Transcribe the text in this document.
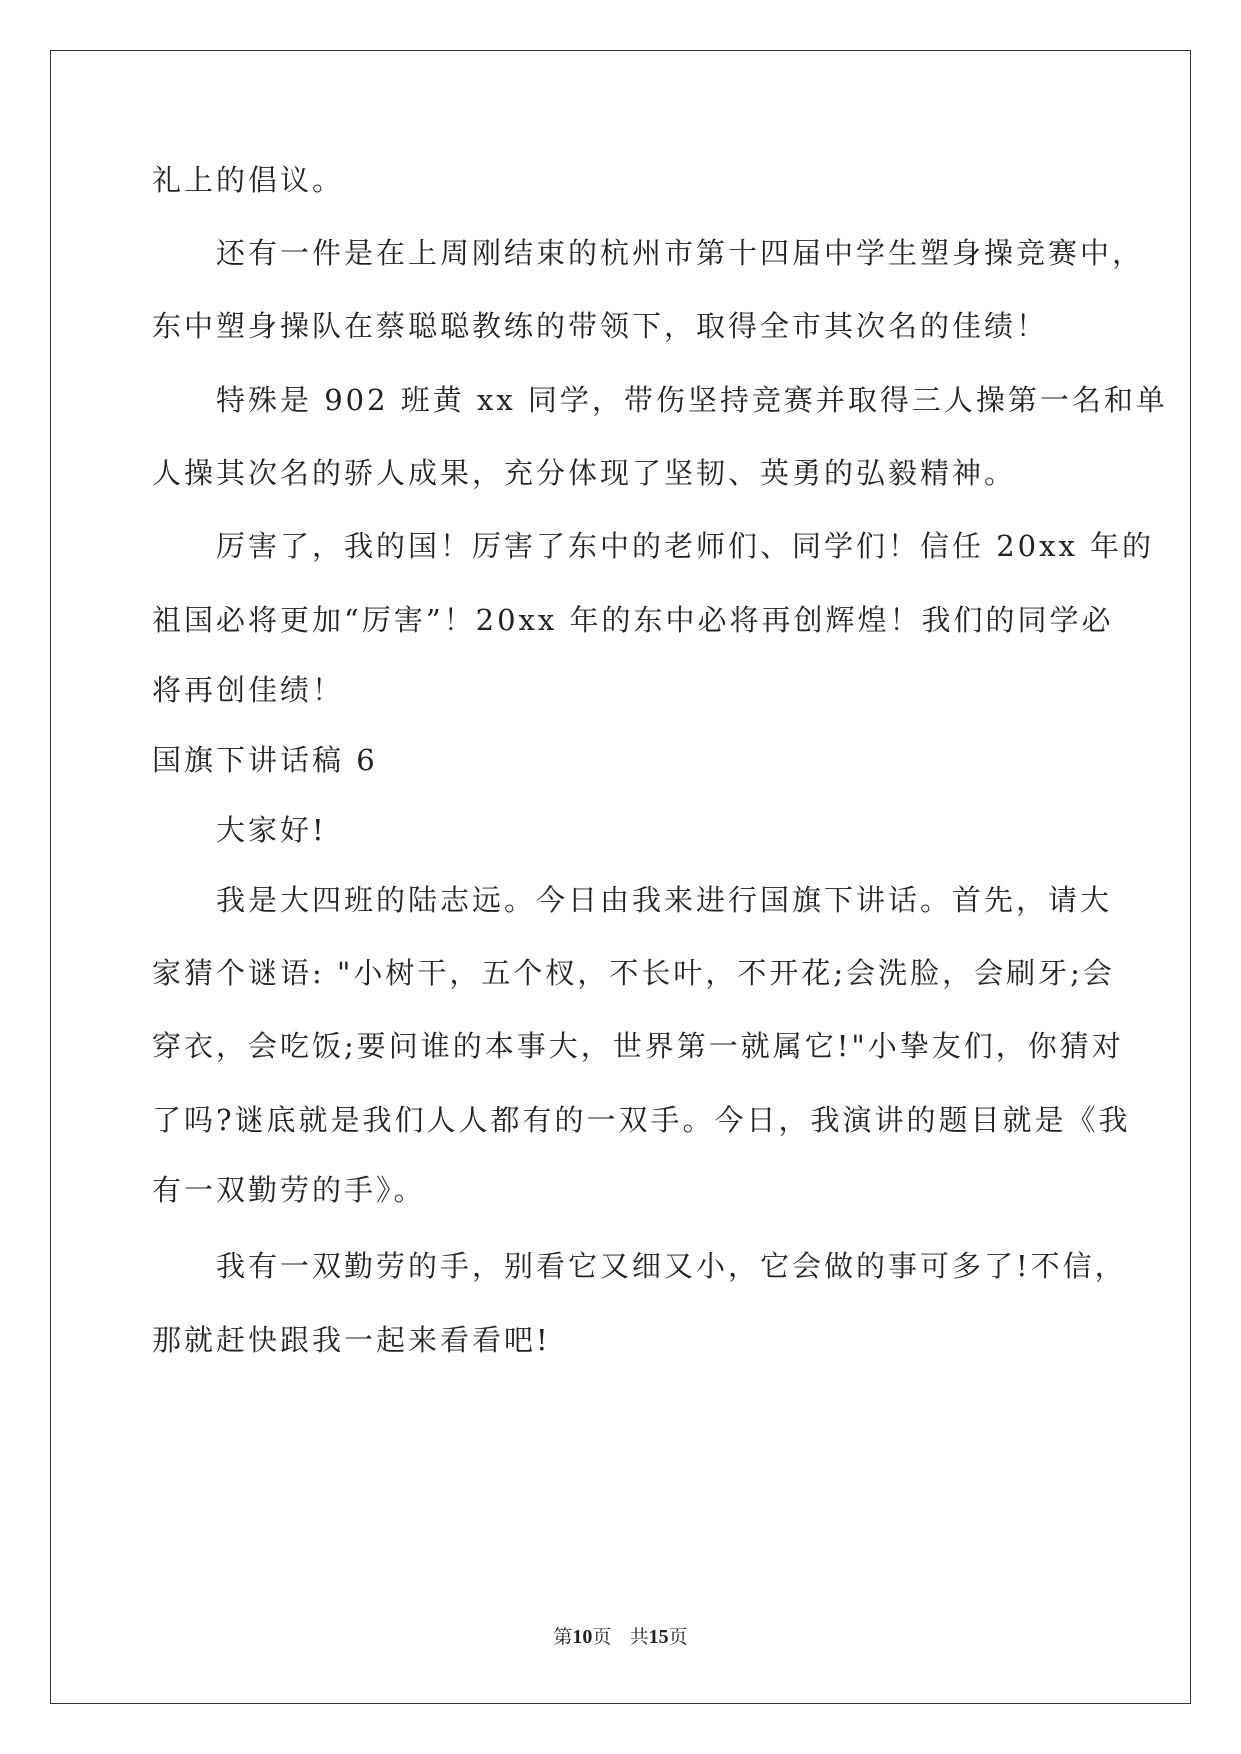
礼上的倡议。
　　还有一件是在上周刚结束的杭州市第十四届中学生塑身操竞赛中，
东中塑身操队在蔡聪聪教练的带领下，取得全市其次名的佳绩！
　　特殊是 902 班黄 xx 同学，带伤坚持竞赛并取得三人操第一名和单
人操其次名的骄人成果，充分体现了坚韧、英勇的弘毅精神。
　　厉害了，我的国！厉害了东中的老师们、同学们！信任 20xx 年的
祖国必将更加“厉害”！20xx 年的东中必将再创辉煌！我们的同学必
将再创佳绩！
国旗下讲话稿 6
　　大家好!
　　我是大四班的陆志远。今日由我来进行国旗下讲话。首先，请大
家猜个谜语: "小树干，五个杈，不长叶，不开花;会洗脸，会刷牙;会
穿衣，会吃饭;要问谁的本事大，世界第一就属它!"小挚友们，你猜对
了吗?谜底就是我们人人都有的一双手。今日，我演讲的题目就是《我
有一双勤劳的手》。
　　我有一双勤劳的手，别看它又细又小，它会做的事可多了!不信，
那就赶快跟我一起来看看吧!
第10页 共15页
